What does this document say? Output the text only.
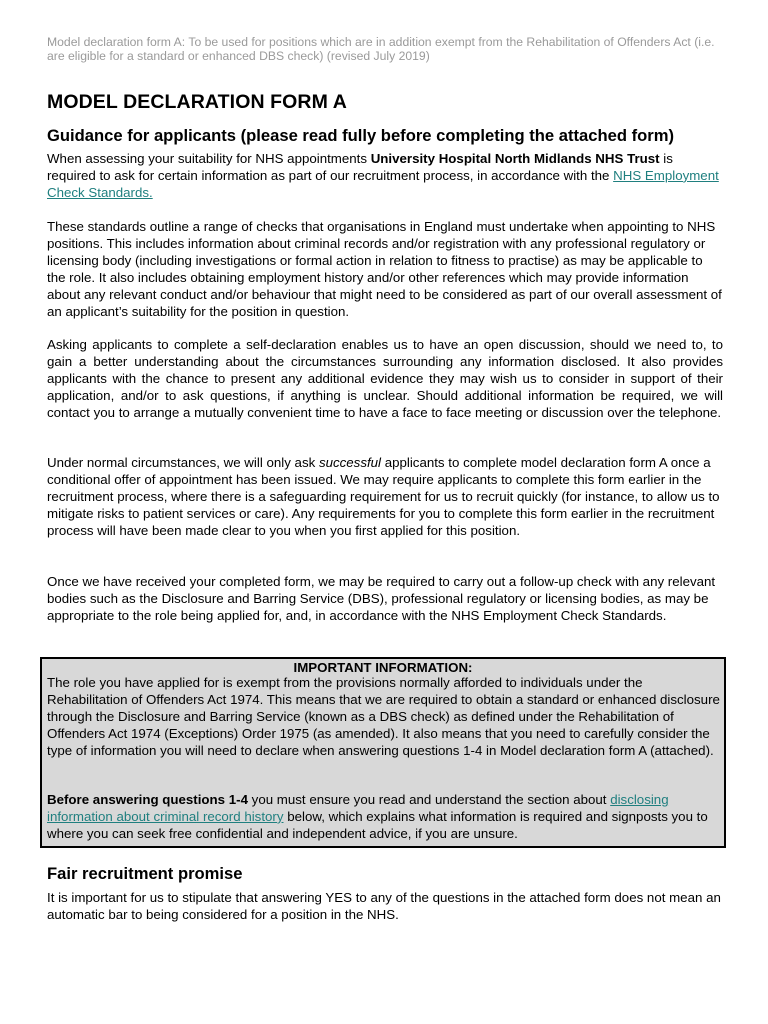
Model declaration form A: To be used for positions which are in addition exempt from the Rehabilitation of Offenders Act (i.e. are eligible for a standard or enhanced DBS check) (revised July 2019)
MODEL DECLARATION FORM A
Guidance for applicants (please read fully before completing the attached form)

When assessing your suitability for NHS appointments University Hospital North Midlands NHS Trust is required to ask for certain information as part of our recruitment process, in accordance with the NHS Employment Check Standards.

These standards outline a range of checks that organisations in England must undertake when appointing to NHS positions. This includes information about criminal records and/or registration with any professional regulatory or licensing body (including investigations or formal action in relation to fitness to practise) as may be applicable to the role. It also includes obtaining employment history and/or other references which may provide information about any relevant conduct and/or behaviour that might need to be considered as part of our overall assessment of an applicant’s suitability for the position in question.

Asking applicants to complete a self-declaration enables us to have an open discussion, should we need to, to gain a better understanding about the circumstances surrounding any information disclosed. It also provides applicants with the chance to present any additional evidence they may wish us to consider in support of their application, and/or to ask questions, if anything is unclear. Should additional information be required, we will contact you to arrange a mutually convenient time to have a face to face meeting or discussion over the telephone.

Under normal circumstances, we will only ask successful applicants to complete model declaration form A once a conditional offer of appointment has been issued. We may require applicants to complete this form earlier in the recruitment process, where there is a safeguarding requirement for us to recruit quickly (for instance, to allow us to mitigate risks to patient services or care). Any requirements for you to complete this form earlier in the recruitment process will have been made clear to you when you first applied for this position.

Once we have received your completed form, we may be required to carry out a follow-up check with any relevant bodies such as the Disclosure and Barring Service (DBS), professional regulatory or licensing bodies, as may be appropriate to the role being applied for, and, in accordance with the NHS Employment Check Standards.

IMPORTANT INFORMATION:
The role you have applied for is exempt from the provisions normally afforded to individuals under the Rehabilitation of Offenders Act 1974. This means that we are required to obtain a standard or enhanced disclosure through the Disclosure and Barring Service (known as a DBS check) as defined under the Rehabilitation of Offenders Act 1974 (Exceptions) Order 1975 (as amended). It also means that you need to carefully consider the type of information you will need to declare when answering questions 1-4 in Model declaration form A (attached).
Before answering questions 1-4 you must ensure you read and understand the section about disclosing information about criminal record history below, which explains what information is required and signposts you to where you can seek free confidential and independent advice, if you are unsure.
Fair recruitment promise

It is important for us to stipulate that answering YES to any of the questions in the attached form does not mean an automatic bar to being considered for a position in the NHS.
